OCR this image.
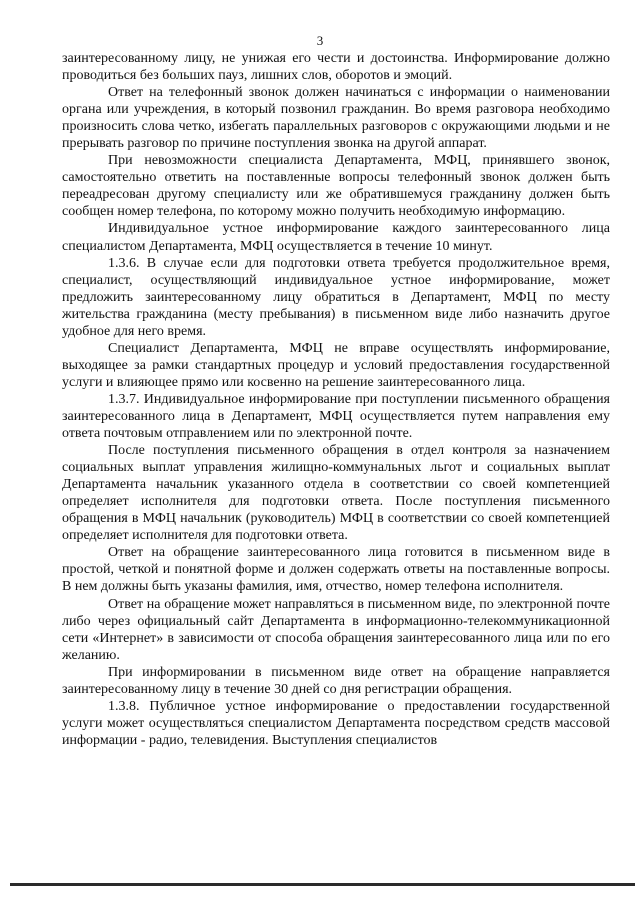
3

заинтересованному лицу, не унижая его чести и достоинства. Информирование должно проводиться без больших пауз, лишних слов, оборотов и эмоций.

Ответ на телефонный звонок должен начинаться с информации о наименовании органа или учреждения, в который позвонил гражданин. Во время разговора необходимо произносить слова четко, избегать параллельных разговоров с окружающими людьми и не прерывать разговор по причине поступления звонка на другой аппарат.

При невозможности специалиста Департамента, МФЦ, принявшего звонок, самостоятельно ответить на поставленные вопросы телефонный звонок должен быть переадресован другому специалисту или же обратившемуся гражданину должен быть сообщен номер телефона, по которому можно получить необходимую информацию.

Индивидуальное устное информирование каждого заинтересованного лица специалистом Департамента, МФЦ осуществляется в течение 10 минут.

1.3.6. В случае если для подготовки ответа требуется продолжительное время, специалист, осуществляющий индивидуальное устное информирование, может предложить заинтересованному лицу обратиться в Департамент, МФЦ по месту жительства гражданина (месту пребывания) в письменном виде либо назначить другое удобное для него время.

Специалист Департамента, МФЦ не вправе осуществлять информирование, выходящее за рамки стандартных процедур и условий предоставления государственной услуги и влияющее прямо или косвенно на решение заинтересованного лица.

1.3.7. Индивидуальное информирование при поступлении письменного обращения заинтересованного лица в Департамент, МФЦ осуществляется путем направления ему ответа почтовым отправлением или по электронной почте.

После поступления письменного обращения в отдел контроля за назначением социальных выплат управления жилищно-коммунальных льгот и социальных выплат Департамента начальник указанного отдела в соответствии со своей компетенцией определяет исполнителя для подготовки ответа. После поступления письменного обращения в МФЦ начальник (руководитель) МФЦ в соответствии со своей компетенцией определяет исполнителя для подготовки ответа.

Ответ на обращение заинтересованного лица готовится в письменном виде в простой, четкой и понятной форме и должен содержать ответы на поставленные вопросы. В нем должны быть указаны фамилия, имя, отчество, номер телефона исполнителя.

Ответ на обращение может направляться в письменном виде, по электронной почте либо через официальный сайт Департамента в информационно-телекоммуникационной сети «Интернет» в зависимости от способа обращения заинтересованного лица или по его желанию.

При информировании в письменном виде ответ на обращение направляется заинтересованному лицу в течение 30 дней со дня регистрации обращения.

1.3.8. Публичное устное информирование о предоставлении государственной услуги может осуществляться специалистом Департамента посредством средств массовой информации - радио, телевидения. Выступления специалистов
